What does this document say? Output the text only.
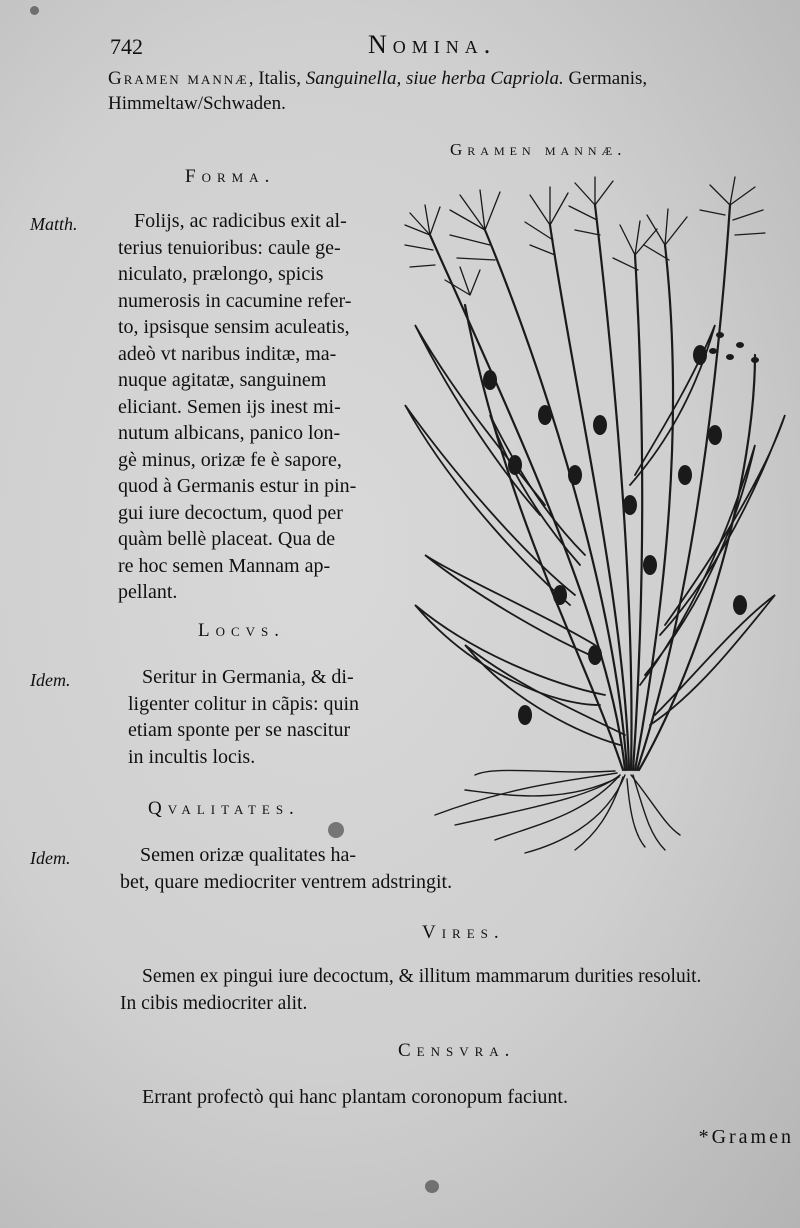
742	Nomina.
Gramen mannæ, Italis, Sanguinella, siue herba Capriola. Germanis, Himmeltaw/Schwaden.
Gramen mannæ.
Forma.
Matth.	Folijs, ac radicibus exit al-
terius tenuioribus: caule ge-
niculato, prælongo, spicis
numerosis in cacumine refer-
to, ipsisque sensim aculeatis,
adeò vt naribus inditæ, ma-
nuque agitatæ, sanguinem
eliciant. Semen ijs inest mi-
nutum albicans, panico lon-
gè minus, orizæ fe è sapore,
quod à Germanis estur in pin-
gui iure decoctum, quod per
quàm bellè placeat. Qua de
re hoc semen Mannam ap-
pellant.
Locvs.
Idem.	Seritur in Germania, & di-
ligenter colitur in cãpis: quin
etiam sponte per se nascitur
in incultis locis.
Qvalitates.
Idem.	Semen orizæ qualitates ha-
bet, quare mediocriter ventrem adstringit.
Vires.
Semen ex pingui iure decoctum, & illitum mammarum durities resoluit.
In cibis mediocriter alit.
Censvra.
Errant profectò qui hanc plantam coronopum faciunt.
*Gramen
